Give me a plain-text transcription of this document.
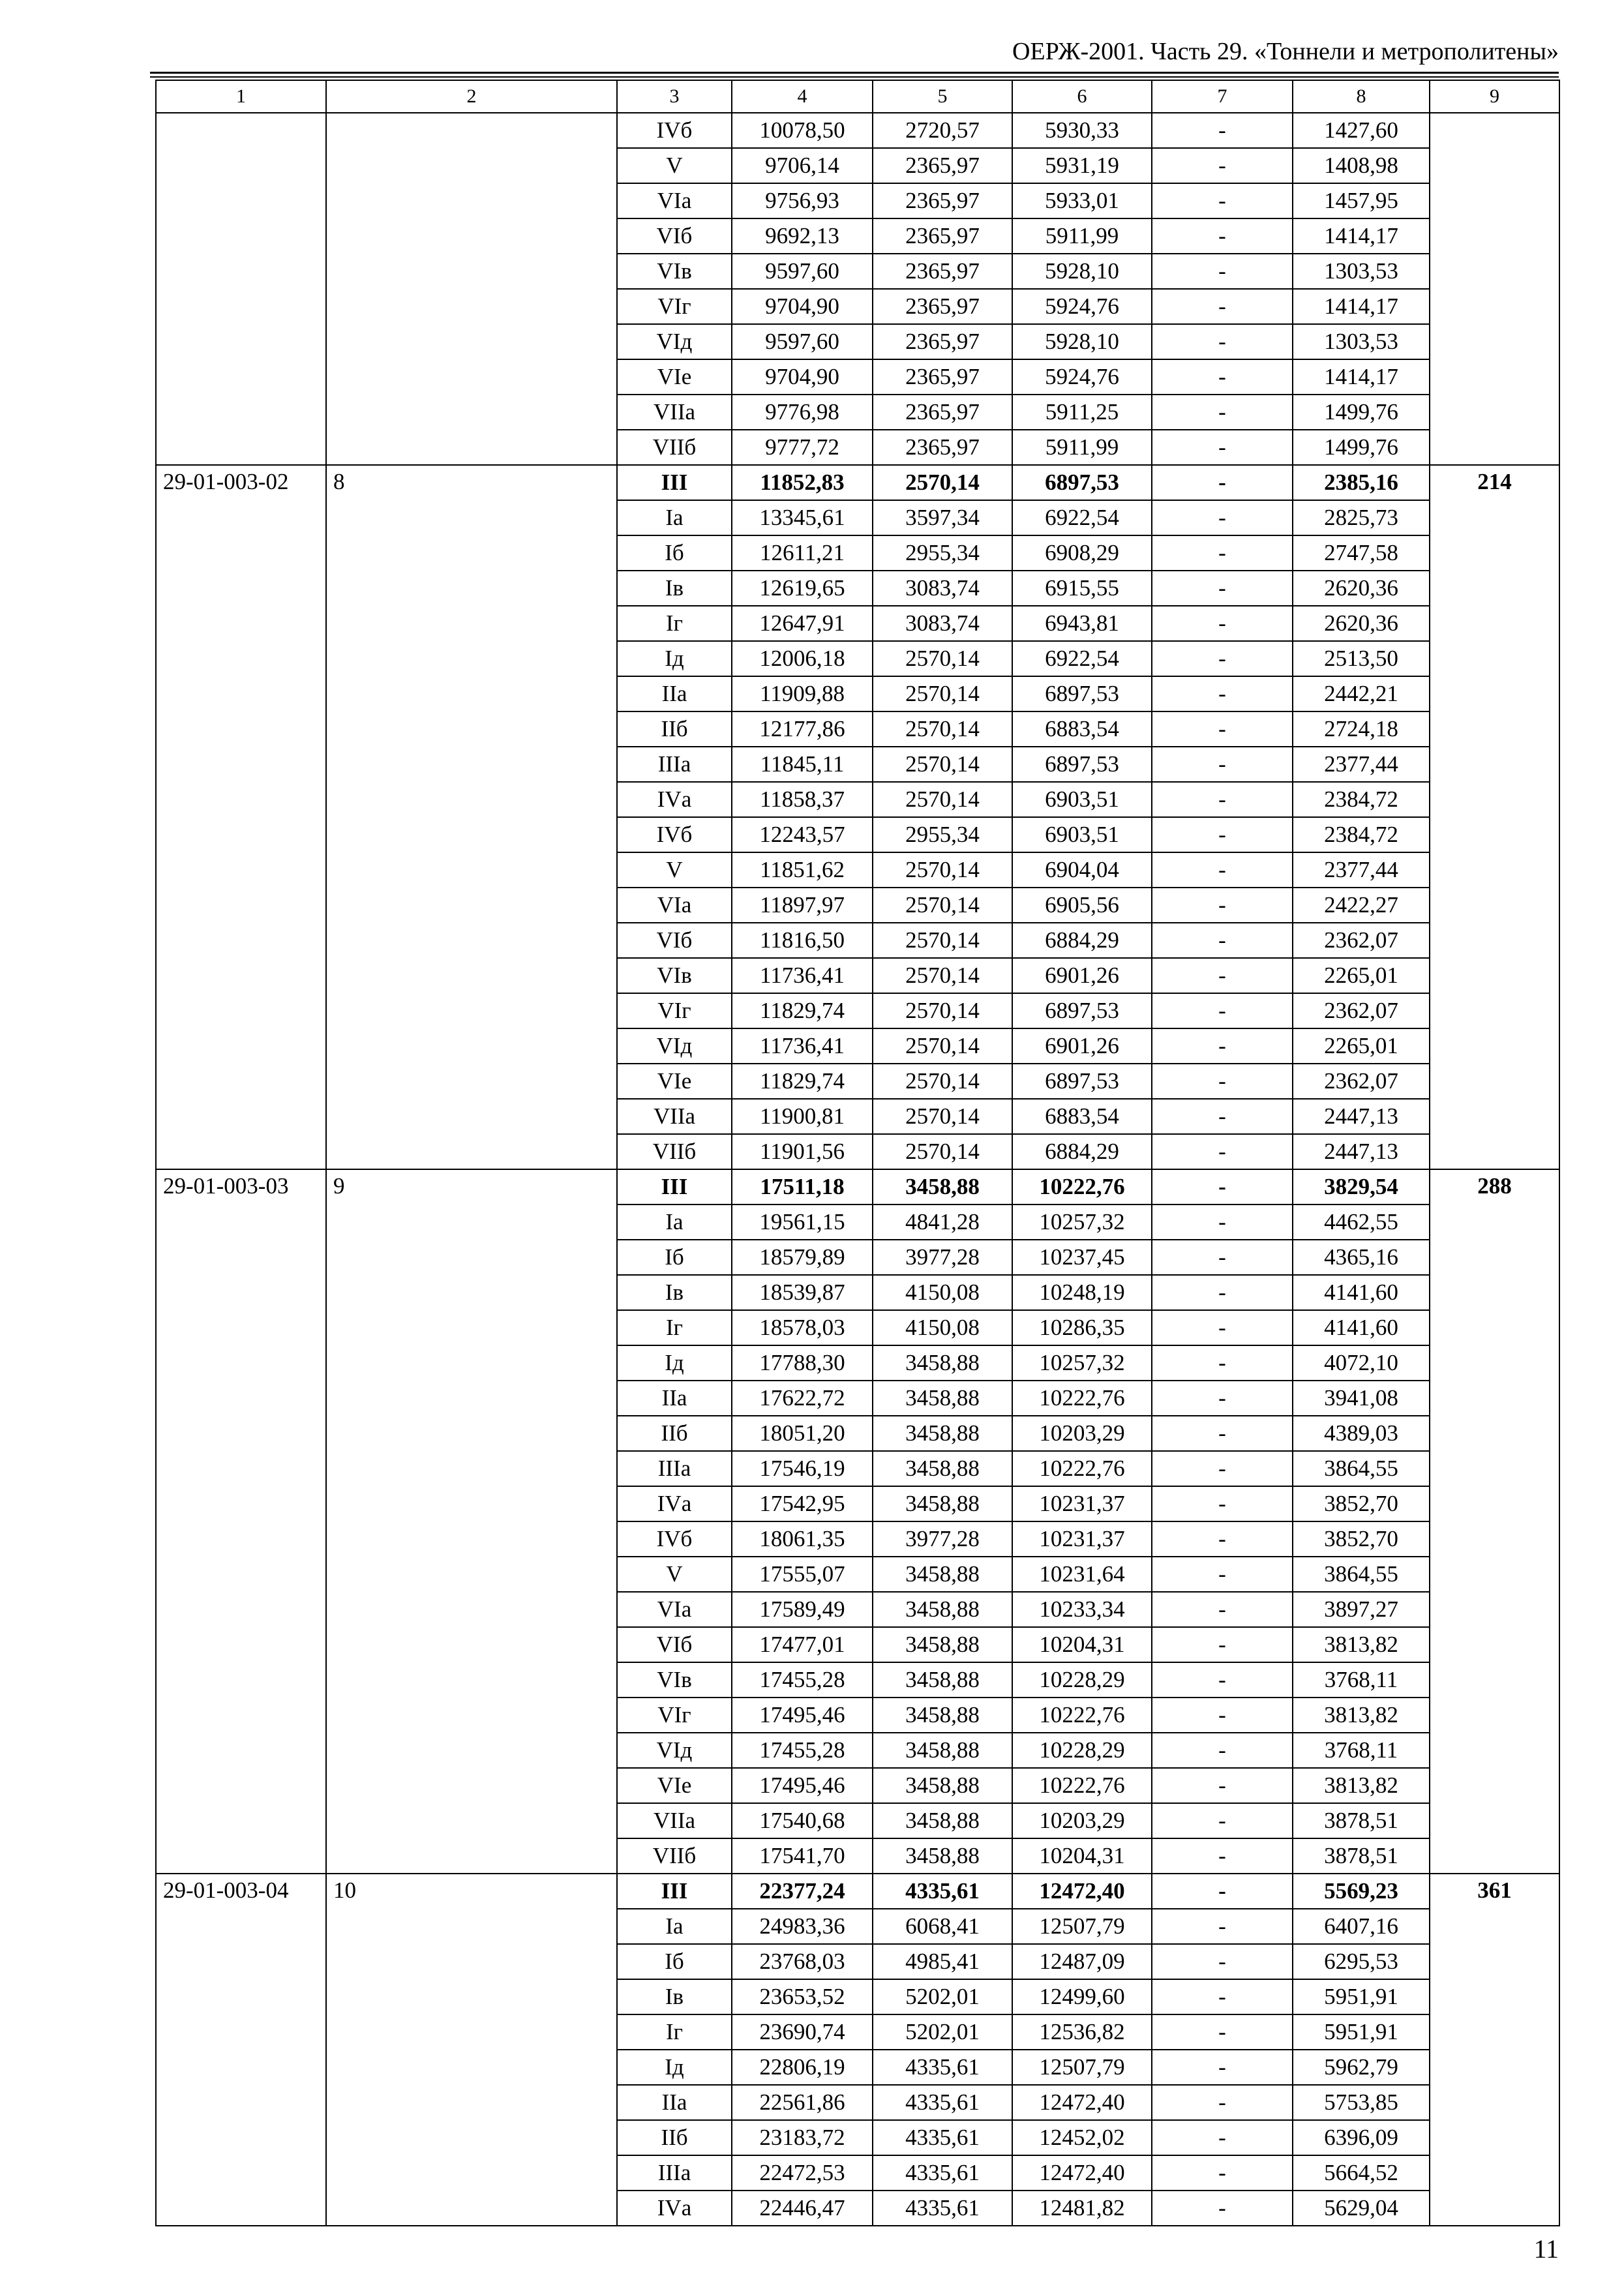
ОЕРЖ-2001. Часть 29. «Тоннели и метрополитены»
1	2	3	4	5	6	7	8	9
		IVб	10078,50	2720,57	5930,33	-	1427,60	
		V	9706,14	2365,97	5931,19	-	1408,98	
		VIа	9756,93	2365,97	5933,01	-	1457,95	
		VIб	9692,13	2365,97	5911,99	-	1414,17	
		VIв	9597,60	2365,97	5928,10	-	1303,53	
		VIг	9704,90	2365,97	5924,76	-	1414,17	
		VIд	9597,60	2365,97	5928,10	-	1303,53	
		VIе	9704,90	2365,97	5924,76	-	1414,17	
		VIIа	9776,98	2365,97	5911,25	-	1499,76	
		VIIб	9777,72	2365,97	5911,99	-	1499,76	
29-01-003-02	8	III	11852,83	2570,14	6897,53	-	2385,16	214
		Iа	13345,61	3597,34	6922,54	-	2825,73	
		Iб	12611,21	2955,34	6908,29	-	2747,58	
		Iв	12619,65	3083,74	6915,55	-	2620,36	
		Iг	12647,91	3083,74	6943,81	-	2620,36	
		Iд	12006,18	2570,14	6922,54	-	2513,50	
		IIа	11909,88	2570,14	6897,53	-	2442,21	
		IIб	12177,86	2570,14	6883,54	-	2724,18	
		IIIа	11845,11	2570,14	6897,53	-	2377,44	
		IVа	11858,37	2570,14	6903,51	-	2384,72	
		IVб	12243,57	2955,34	6903,51	-	2384,72	
		V	11851,62	2570,14	6904,04	-	2377,44	
		VIа	11897,97	2570,14	6905,56	-	2422,27	
		VIб	11816,50	2570,14	6884,29	-	2362,07	
		VIв	11736,41	2570,14	6901,26	-	2265,01	
		VIг	11829,74	2570,14	6897,53	-	2362,07	
		VIд	11736,41	2570,14	6901,26	-	2265,01	
		VIе	11829,74	2570,14	6897,53	-	2362,07	
		VIIа	11900,81	2570,14	6883,54	-	2447,13	
		VIIб	11901,56	2570,14	6884,29	-	2447,13	
29-01-003-03	9	III	17511,18	3458,88	10222,76	-	3829,54	288
		Iа	19561,15	4841,28	10257,32	-	4462,55	
		Iб	18579,89	3977,28	10237,45	-	4365,16	
		Iв	18539,87	4150,08	10248,19	-	4141,60	
		Iг	18578,03	4150,08	10286,35	-	4141,60	
		Iд	17788,30	3458,88	10257,32	-	4072,10	
		IIа	17622,72	3458,88	10222,76	-	3941,08	
		IIб	18051,20	3458,88	10203,29	-	4389,03	
		IIIа	17546,19	3458,88	10222,76	-	3864,55	
		IVа	17542,95	3458,88	10231,37	-	3852,70	
		IVб	18061,35	3977,28	10231,37	-	3852,70	
		V	17555,07	3458,88	10231,64	-	3864,55	
		VIа	17589,49	3458,88	10233,34	-	3897,27	
		VIб	17477,01	3458,88	10204,31	-	3813,82	
		VIв	17455,28	3458,88	10228,29	-	3768,11	
		VIг	17495,46	3458,88	10222,76	-	3813,82	
		VIд	17455,28	3458,88	10228,29	-	3768,11	
		VIе	17495,46	3458,88	10222,76	-	3813,82	
		VIIа	17540,68	3458,88	10203,29	-	3878,51	
		VIIб	17541,70	3458,88	10204,31	-	3878,51	
29-01-003-04	10	III	22377,24	4335,61	12472,40	-	5569,23	361
		Iа	24983,36	6068,41	12507,79	-	6407,16	
		Iб	23768,03	4985,41	12487,09	-	6295,53	
		Iв	23653,52	5202,01	12499,60	-	5951,91	
		Iг	23690,74	5202,01	12536,82	-	5951,91	
		Iд	22806,19	4335,61	12507,79	-	5962,79	
		IIа	22561,86	4335,61	12472,40	-	5753,85	
		IIб	23183,72	4335,61	12452,02	-	6396,09	
		IIIа	22472,53	4335,61	12472,40	-	5664,52	
		IVа	22446,47	4335,61	12481,82	-	5629,04	
11
